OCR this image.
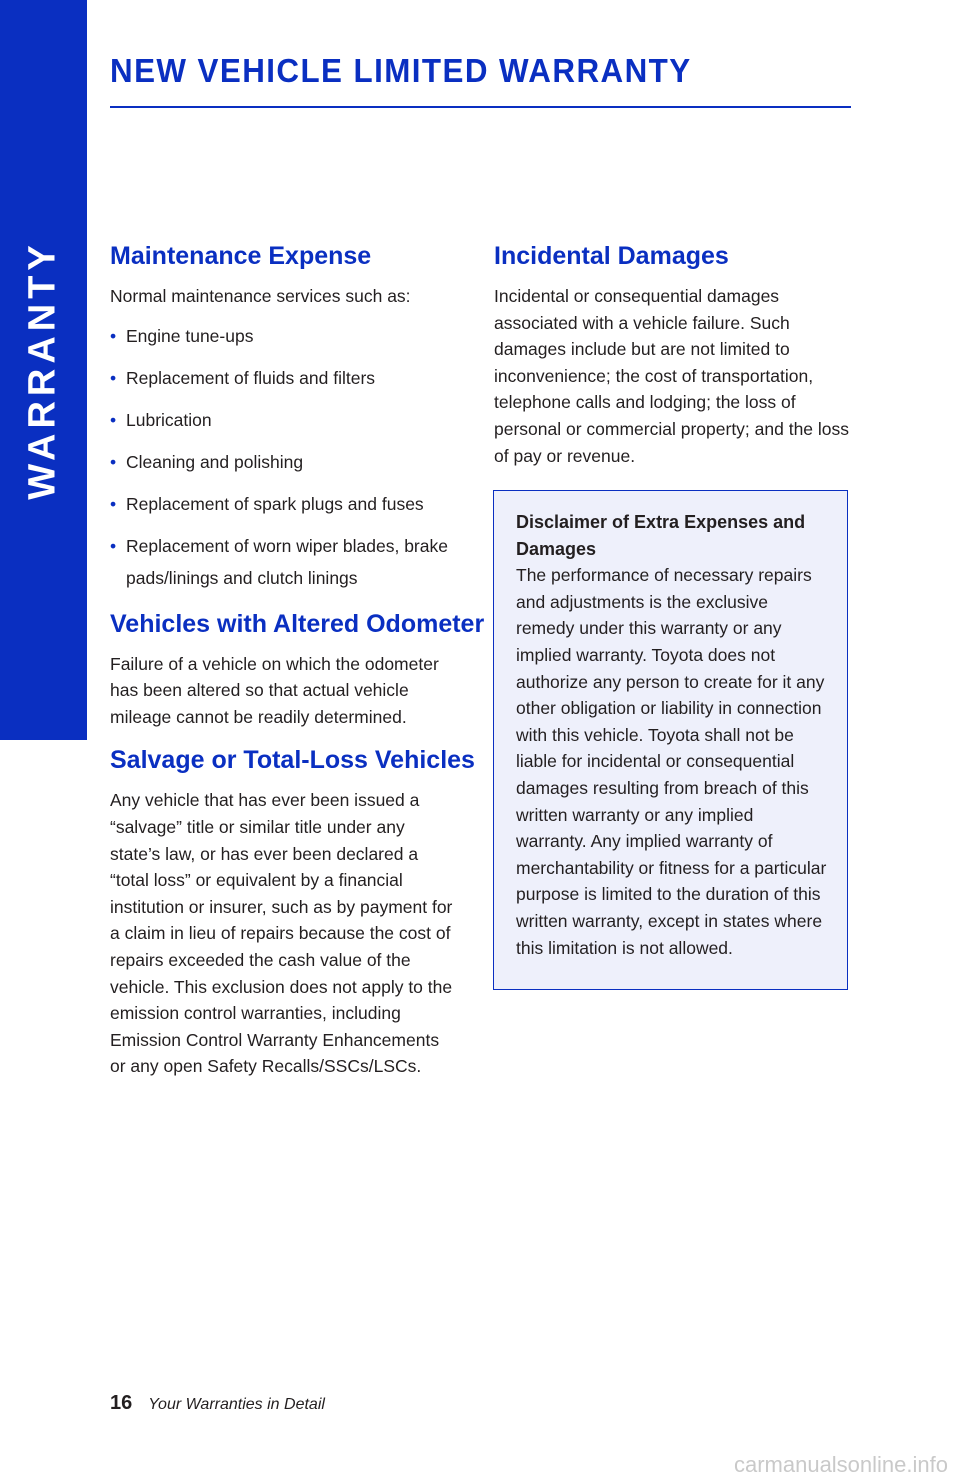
WARRANTY
NEW VEHICLE LIMITED WARRANTY
Maintenance Expense

Normal maintenance services such as:

• Engine tune-ups
• Replacement of fluids and filters
• Lubrication
• Cleaning and polishing
• Replacement of spark plugs and fuses
• Replacement of worn wiper blades, brake pads/linings and clutch linings
Vehicles with Altered Odometer

Failure of a vehicle on which the odometer has been altered so that actual vehicle mileage cannot be readily determined.

Salvage or Total-Loss Vehicles

Any vehicle that has ever been issued a “salvage” title or similar title under any state’s law, or has ever been declared a “total loss” or equivalent by a financial institution or insurer, such as by payment for a claim in lieu of repairs because the cost of repairs exceeded the cash value of the vehicle. This exclusion does not apply to the emission control warranties, including Emission Control Warranty Enhancements or any open Safety Recalls/SSCs/LSCs.

Incidental Damages

Incidental or consequential damages associated with a vehicle failure. Such damages include but are not limited to inconvenience; the cost of transportation, telephone calls and lodging; the loss of personal or commercial property; and the loss of pay or revenue.

Disclaimer of Extra Expenses and Damages

The performance of necessary repairs and adjustments is the exclusive remedy under this warranty or any implied warranty. Toyota does not authorize any person to create for it any other obligation or liability in connection with this vehicle. Toyota shall not be liable for incidental or consequential damages resulting from breach of this written warranty or any implied warranty. Any implied warranty of merchantability or fitness for a particular purpose is limited to the duration of this written warranty, except in states where this limitation is not allowed.

16 Your Warranties in Detail
carmanualsonline.info
